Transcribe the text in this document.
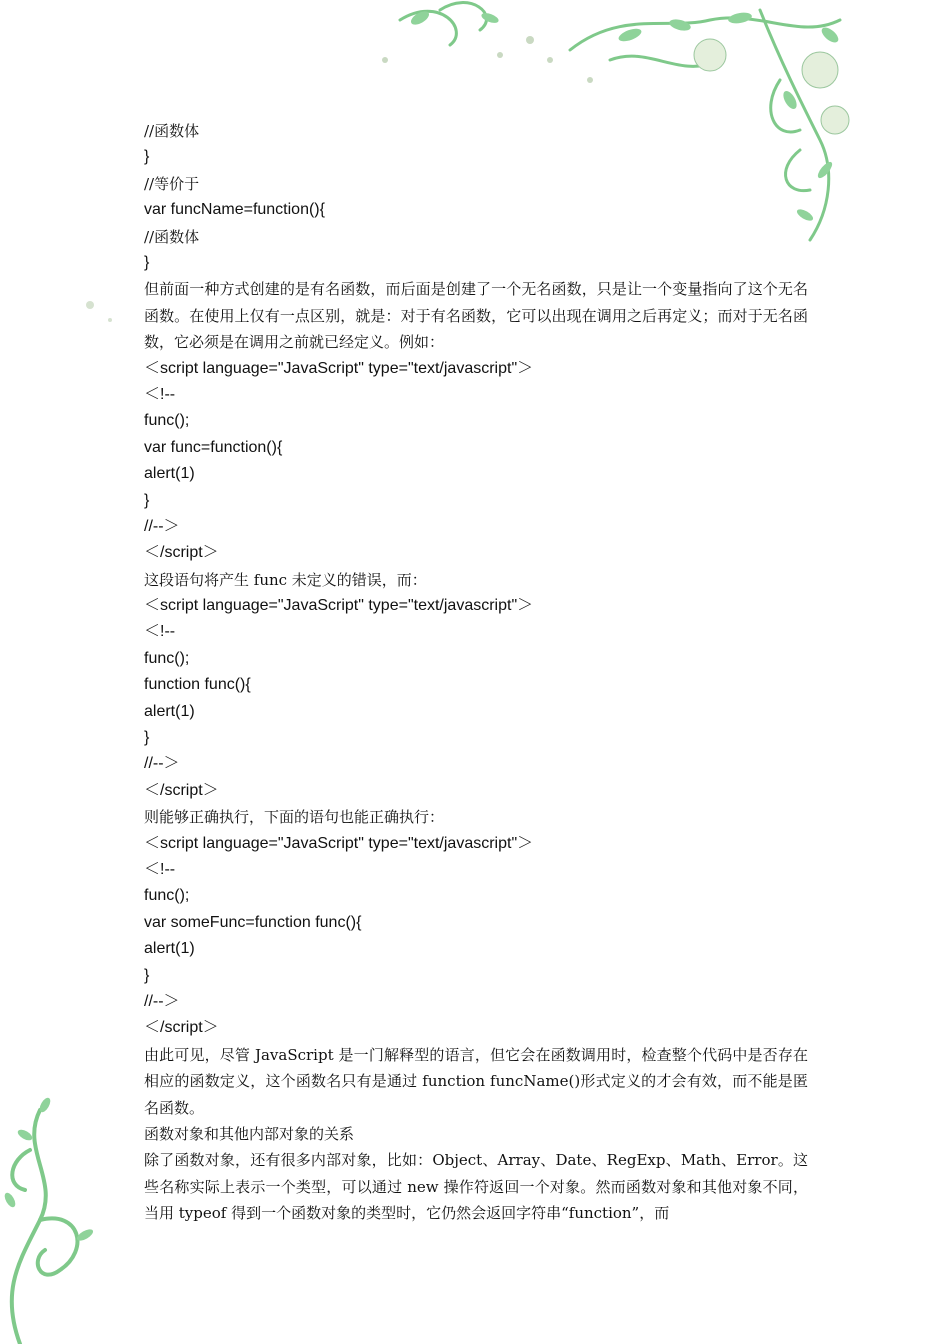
//函数体
}
//等价于
var funcName=function(){
//函数体
}
但前面一种方式创建的是有名函数，而后面是创建了一个无名函数，只是让一个变量指向了这个无名函数。在使用上仅有一点区别，就是：对于有名函数，它可以出现在调用之后再定义；而对于无名函数，它必须是在调用之前就已经定义。例如：
＜script language="JavaScript" type="text/javascript"＞
＜!--
func();
var func=function(){
alert(1)
}
//--＞
＜/script＞
这段语句将产生 func 未定义的错误，而：
＜script language="JavaScript" type="text/javascript"＞
＜!--
func();
function func(){
alert(1)
}
//--＞
＜/script＞
则能够正确执行，下面的语句也能正确执行：
＜script language="JavaScript" type="text/javascript"＞
＜!--
func();
var someFunc=function func(){
alert(1)
}
//--＞
＜/script＞
由此可见，尽管 JavaScript 是一门解释型的语言，但它会在函数调用时，检查整个代码中是否存在相应的函数定义，这个函数名只有是通过 function funcName()形式定义的才会有效，而不能是匿名函数。
函数对象和其他内部对象的关系
除了函数对象，还有很多内部对象，比如：Object、Array、Date、RegExp、Math、Error。这些名称实际上表示一个类型，可以通过 new 操作符返回一个对象。然而函数对象和其他对象不同，当用 typeof 得到一个函数对象的类型时，它仍然会返回字符串“function”，而
